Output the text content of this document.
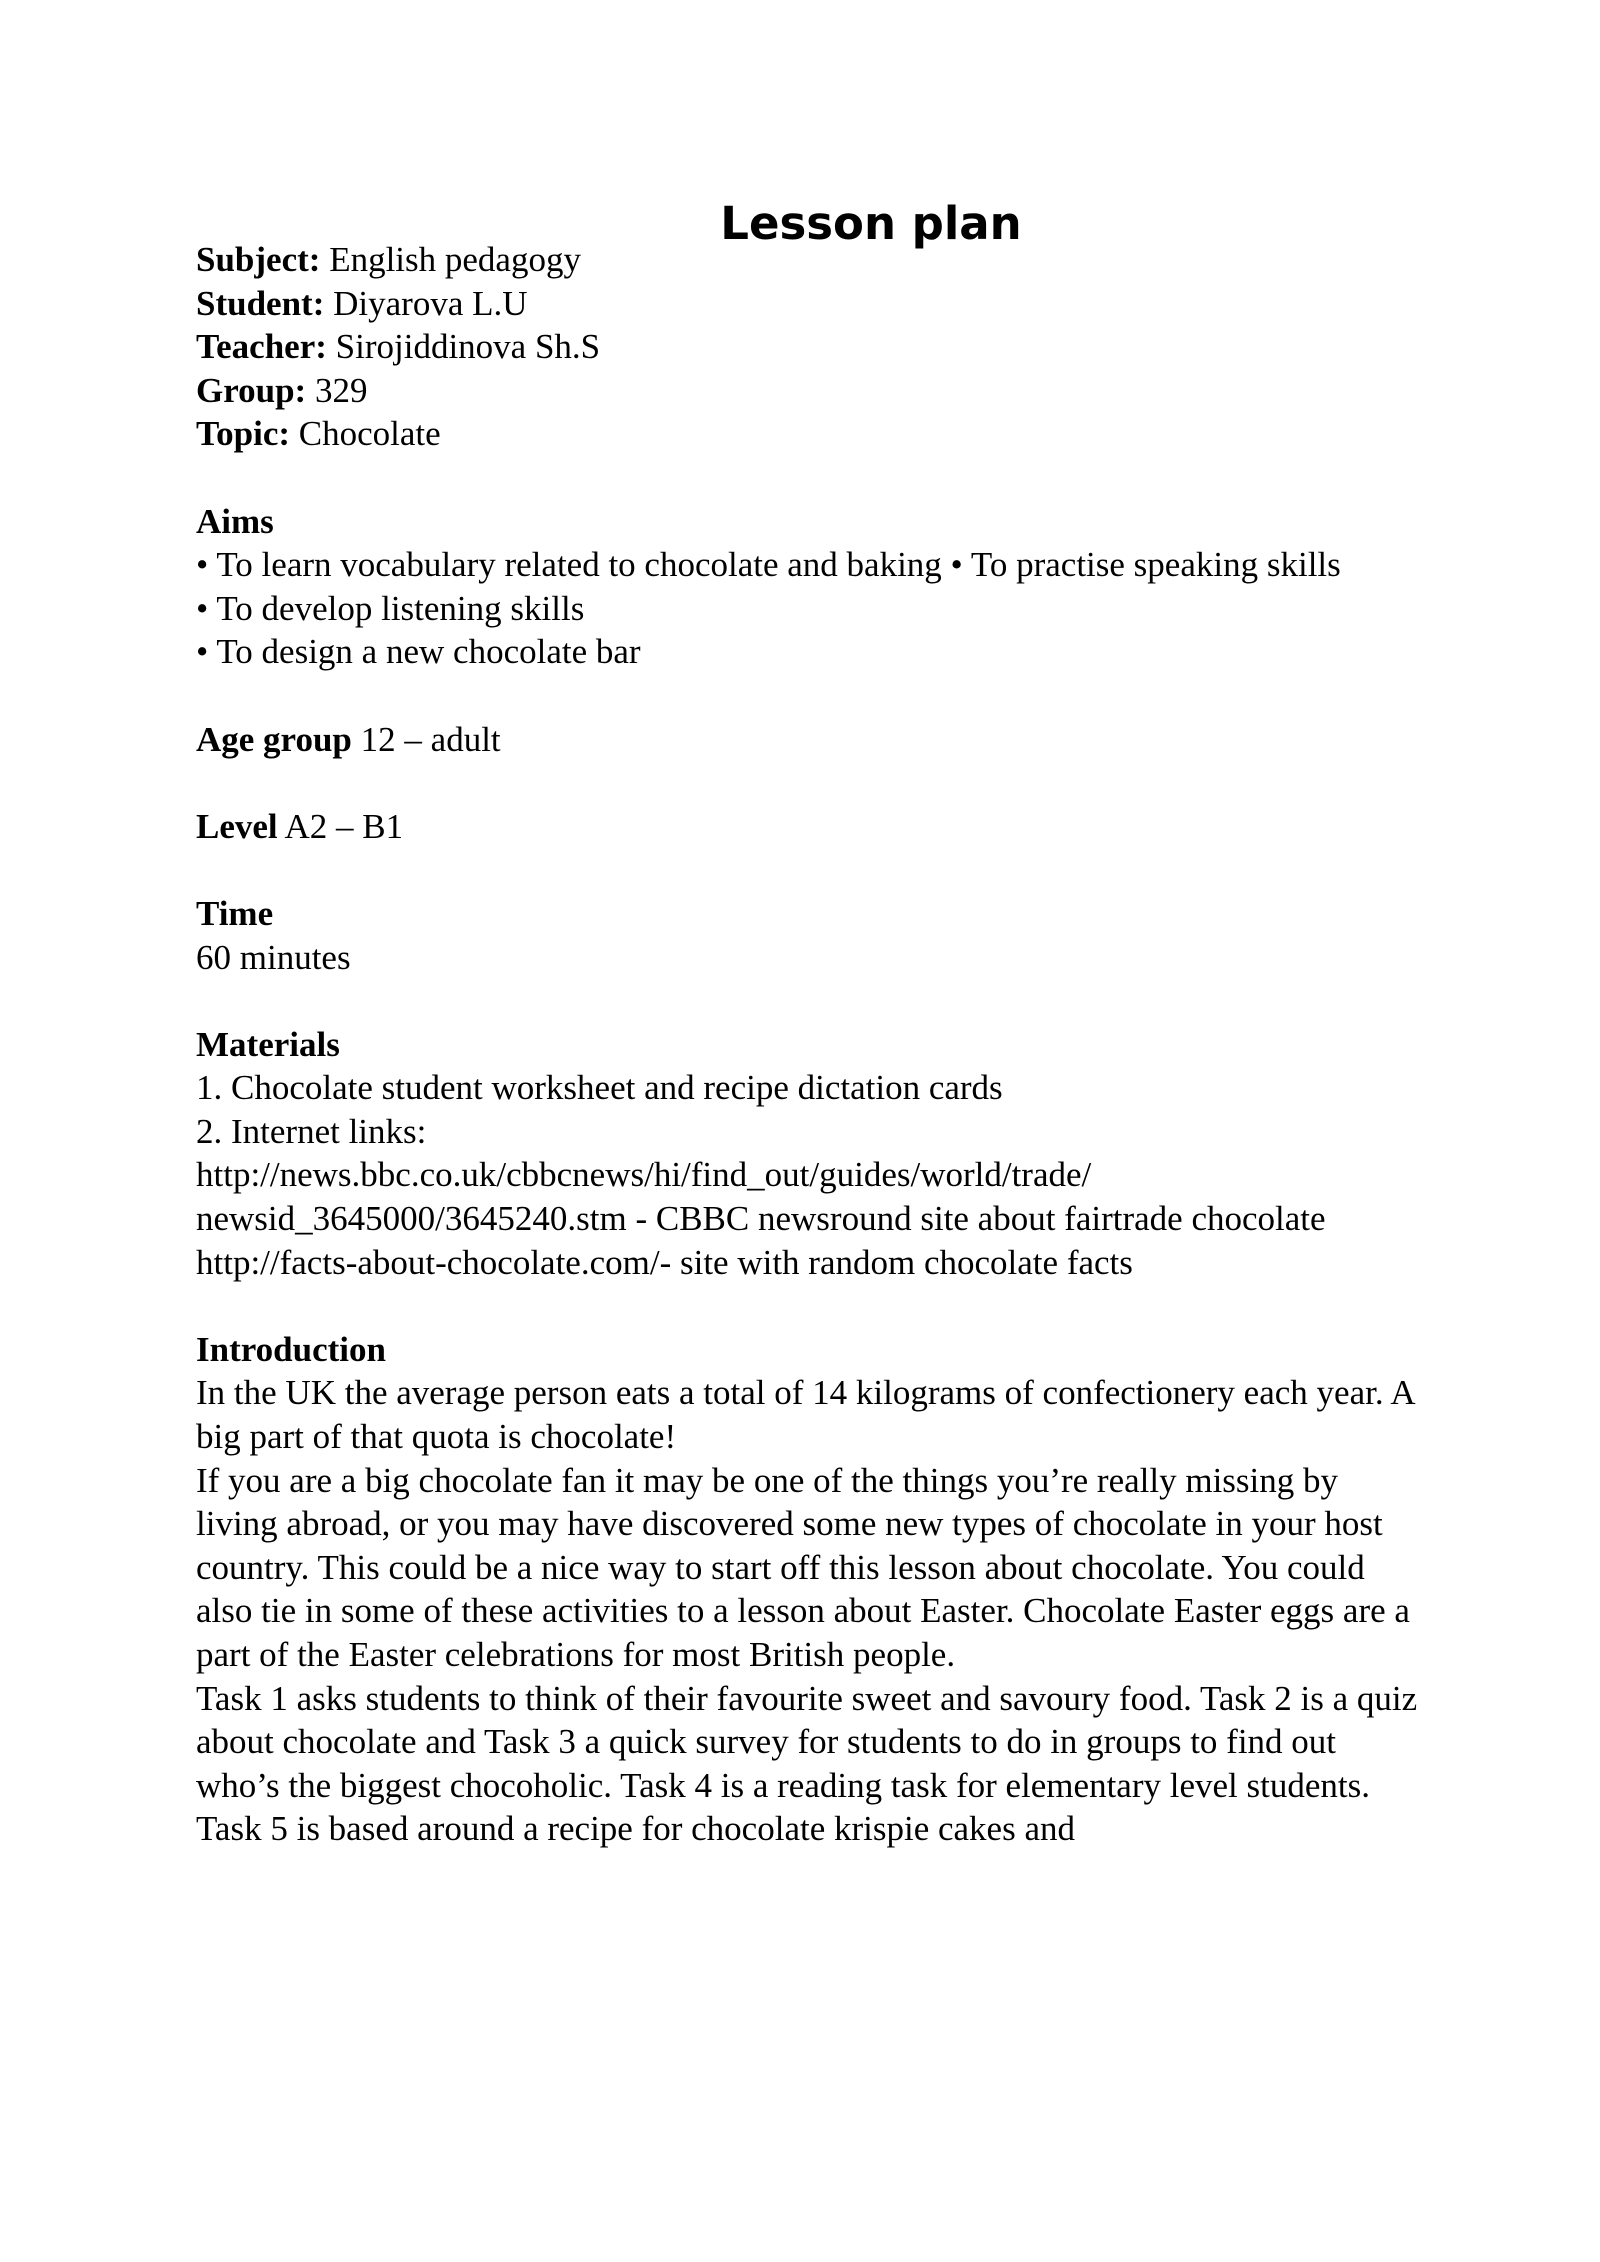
Lesson plan

Subject: English pedagogy

Student: Diyarova L.U

Teacher: Sirojiddinova Sh.S

Group: 329

Topic: Chocolate

Aims

• To learn vocabulary related to chocolate and baking • To practise speaking skills

• To develop listening skills

• To design a new chocolate bar

Age group 12 – adult

Level A2 – B1

Time

60 minutes

Materials

1. Chocolate student worksheet and recipe dictation cards

2. Internet links:

http://news.bbc.co.uk/cbbcnews/hi/find_out/guides/world/trade/

newsid_3645000/3645240.stm - CBBC newsround site about fairtrade chocolate

http://facts-about-chocolate.com/- site with random chocolate facts

Introduction

In the UK the average person eats a total of 14 kilograms of confectionery each year. A big part of that quota is chocolate!

If you are a big chocolate fan it may be one of the things you’re really missing by living abroad, or you may have discovered some new types of chocolate in your host country. This could be a nice way to start off this lesson about chocolate. You could also tie in some of these activities to a lesson about Easter. Chocolate Easter eggs are a part of the Easter celebrations for most British people.

Task 1 asks students to think of their favourite sweet and savoury food. Task 2 is a quiz about chocolate and Task 3 a quick survey for students to do in groups to find out who’s the biggest chocoholic. Task 4 is a reading task for elementary level students. Task 5 is based around a recipe for chocolate krispie cakes and
